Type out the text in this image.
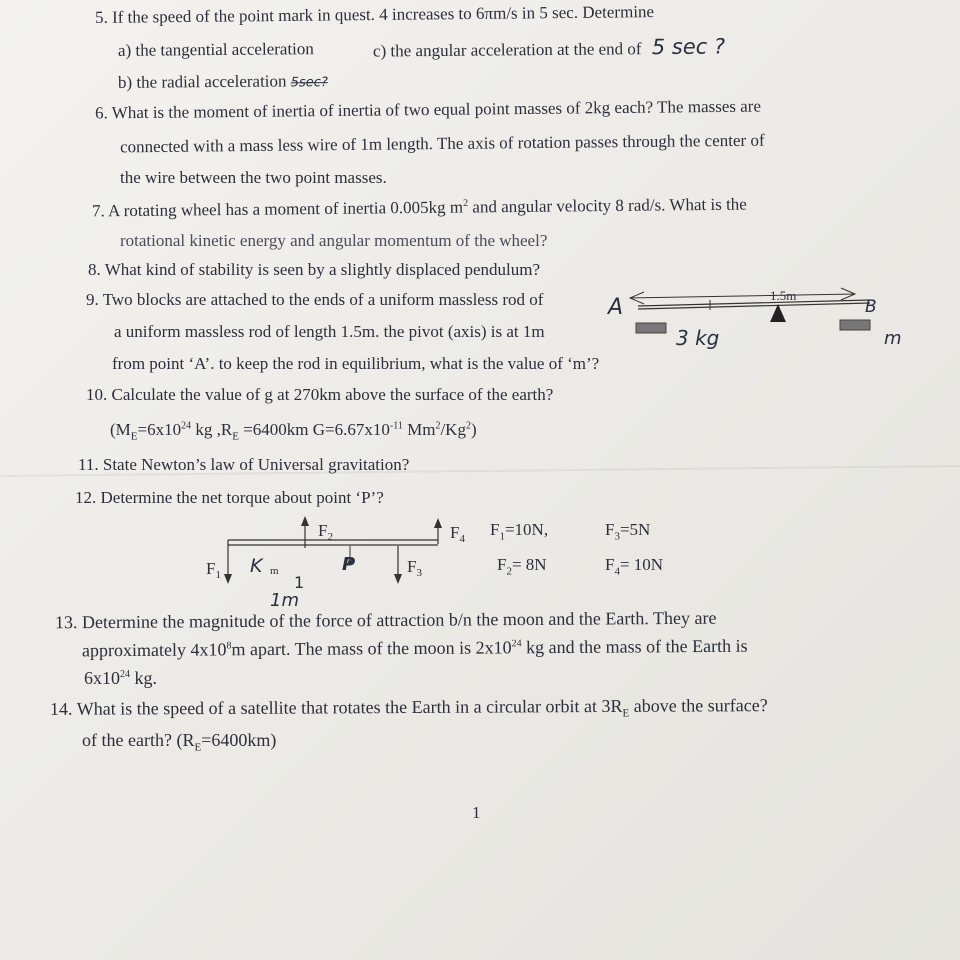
5. If the speed of the point mark in quest. 4 increases to 6πm/s in 5 sec. Determine
a) the tangential acceleration	c) the angular acceleration at the end of 5 sec ?
b) the radial acceleration 5sec?
6. What is the moment of inertia of inertia of two equal point masses of 2kg each? The masses are
connected with a mass less wire of 1m length. The axis of rotation passes through the center of
the wire between the two point masses.
7. A rotating wheel has a moment of inertia 0.005kg $m^2$ and angular velocity 8 rad/s. What is the
rotational kinetic energy and angular momentum of the wheel?
8. What kind of stability is seen by a slightly displaced pendulum?
9. Two blocks are attached to the ends of a uniform massless rod of
a uniform massless rod of length 1.5m. the pivot (axis) is at 1m
from point ‘A’. to keep the rod in equilibrium, what is the value of ‘m’?
1.5m
A	B
3 kg	m
10. Calculate the value of g at 270km above the surface of the earth?
($M_E=6x10^{24}$ kg $,R_E =6400km$ $G=6.67x10^{-11}$ Mm$^2$/Kg$^2$)
11. State Newton’s law of Universal gravitation?
12. Determine the net torque about point ‘P’?
$F_1$
$F_2$
$F_3$
$F_4$
K m	P
1
1m
$F_1=10N$,	$F_3=5N$
$F_2= 8N$	$F_4= 10N$
13. Determine the magnitude of the force of attraction b/n the moon and the Earth. They are
approximately $4x10^8m$ apart. The mass of the moon is $2x10^{24}$ kg and the mass of the Earth is
$6x10^{24}$ kg.
14. What is the speed of a satellite that rotates the Earth in a circular orbit at $3R_E$ above the surface?
of the earth? $(R_E=6400km)$
1
